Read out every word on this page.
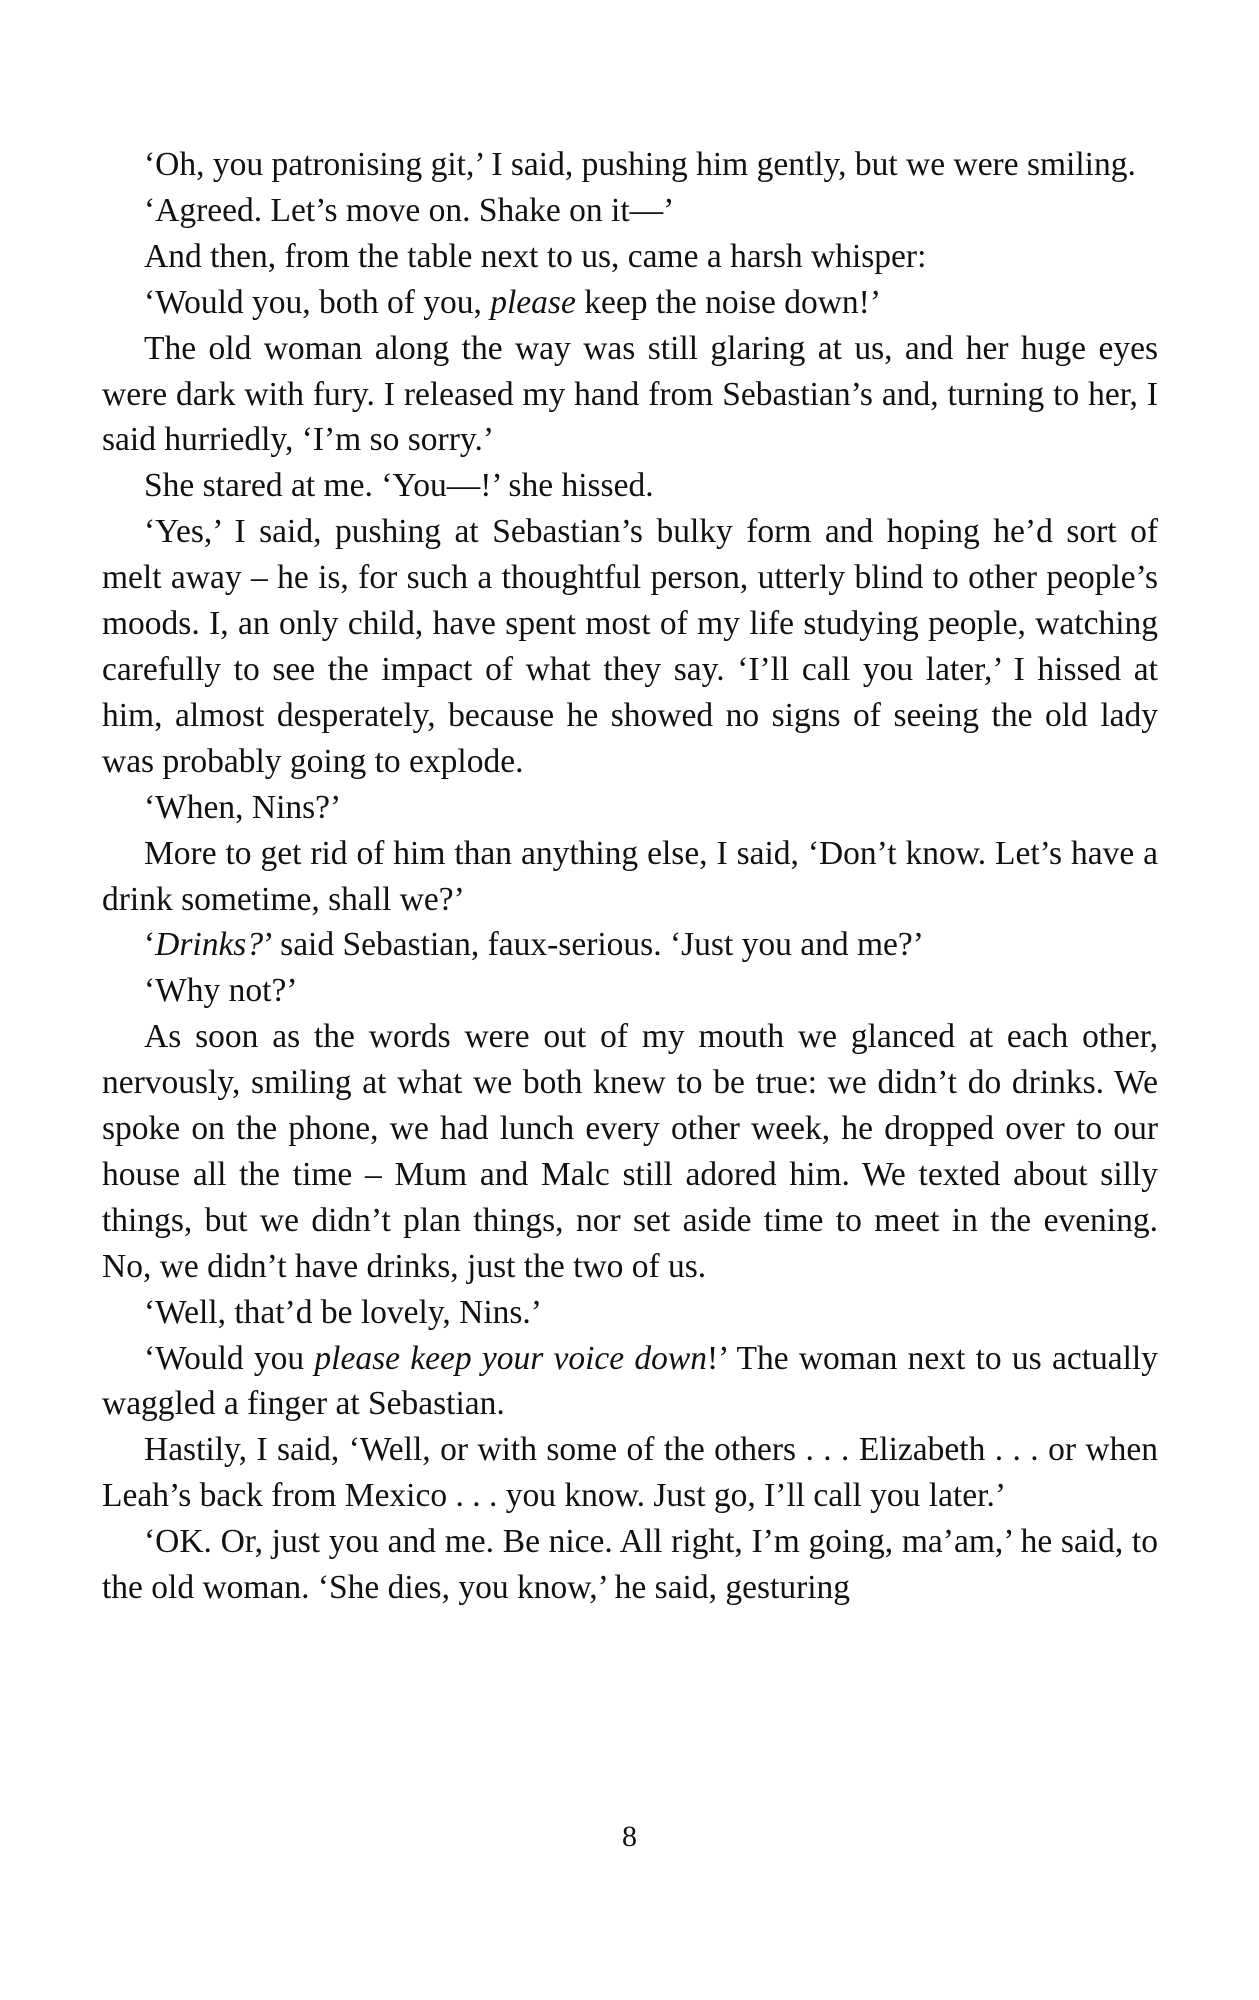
‘Oh, you patronising git,’ I said, pushing him gently, but we were smiling.

‘Agreed. Let’s move on. Shake on it—’

And then, from the table next to us, came a harsh whisper:

‘Would you, both of you, please keep the noise down!’

The old woman along the way was still glaring at us, and her huge eyes were dark with fury. I released my hand from Sebastian’s and, turning to her, I said hurriedly, ‘I’m so sorry.’

She stared at me. ‘You—!’ she hissed.

‘Yes,’ I said, pushing at Sebastian’s bulky form and hoping he’d sort of melt away – he is, for such a thoughtful person, utterly blind to other people’s moods. I, an only child, have spent most of my life studying people, watching carefully to see the impact of what they say. ‘I’ll call you later,’ I hissed at him, almost desperately, because he showed no signs of seeing the old lady was probably going to explode.

‘When, Nins?’

More to get rid of him than anything else, I said, ‘Don’t know. Let’s have a drink sometime, shall we?’

‘Drinks?’ said Sebastian, faux-serious. ‘Just you and me?’

‘Why not?’

As soon as the words were out of my mouth we glanced at each other, nervously, smiling at what we both knew to be true: we didn’t do drinks. We spoke on the phone, we had lunch every other week, he dropped over to our house all the time – Mum and Malc still adored him. We texted about silly things, but we didn’t plan things, nor set aside time to meet in the evening. No, we didn’t have drinks, just the two of us.

‘Well, that’d be lovely, Nins.’

‘Would you please keep your voice down!’ The woman next to us actually waggled a finger at Sebastian.

Hastily, I said, ‘Well, or with some of the others . . . Elizabeth . . . or when Leah’s back from Mexico . . . you know. Just go, I’ll call you later.’

‘OK. Or, just you and me. Be nice. All right, I’m going, ma’am,’ he said, to the old woman. ‘She dies, you know,’ he said, gesturing

8
